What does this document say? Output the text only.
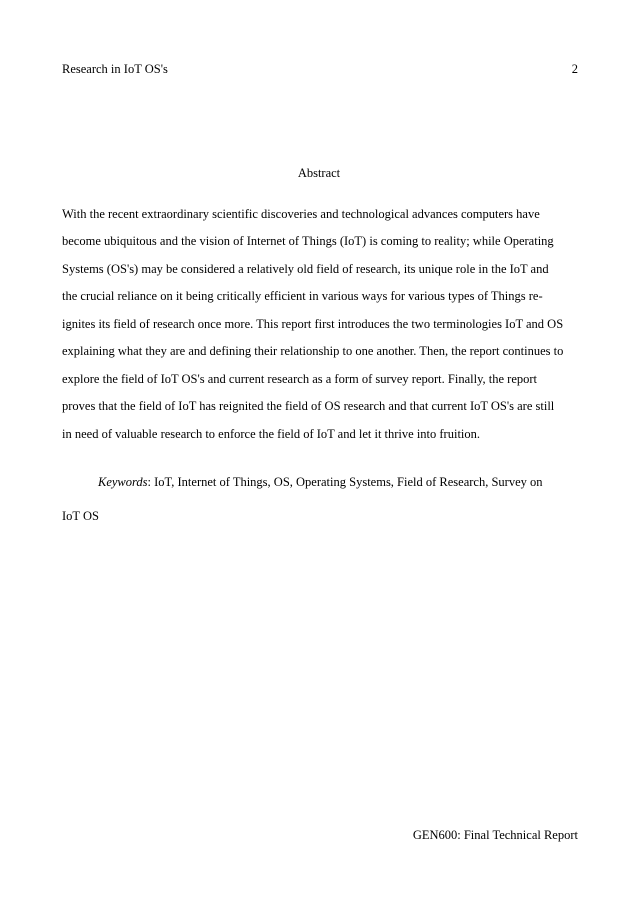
Research in IoT OS's	2
Abstract
With the recent extraordinary scientific discoveries and technological advances computers have
become ubiquitous and the vision of Internet of Things (IoT) is coming to reality; while Operating
Systems (OS's) may be considered a relatively old field of research, its unique role in the IoT and
the crucial reliance on it being critically efficient in various ways for various types of Things re-
ignites its field of research once more. This report first introduces the two terminologies IoT and OS
explaining what they are and defining their relationship to one another. Then, the report continues to
explore the field of IoT OS's and current research as a form of survey report. Finally, the report
proves that the field of IoT has reignited the field of OS research and that current IoT OS's are still
in need of valuable research to enforce the field of IoT and let it thrive into fruition.
Keywords: IoT, Internet of Things, OS, Operating Systems, Field of Research, Survey on
IoT OS
GEN600: Final Technical Report
